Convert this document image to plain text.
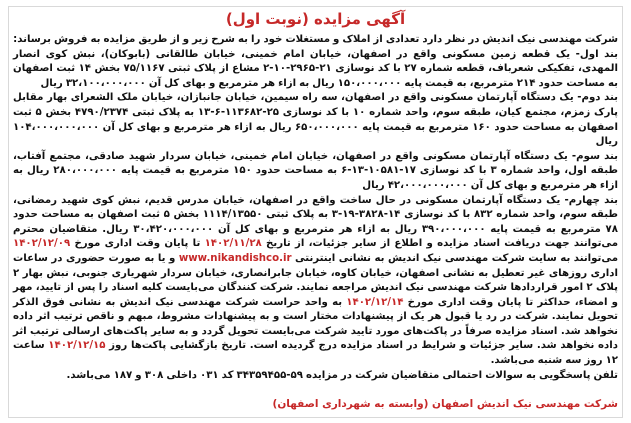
آگهی مزایده (نوبت اول)

شرکت مهندسی نیک اندیش در نظر دارد تعدادی از املاک و مستغلات خود را به شرح زیر و از طریق مزایده به فروش برساند:

بند اول- یک قطعه زمین مسکونی واقع در اصفهان، خیابان امام خمینی، خیابان طالقانی (بابوکان)، نبش کوی انصار المهدی، تفکیکی شعرباف، قطعه شماره ۲۷ با کد نوسازی ۲۱-۲۹۶۵-۱۰-۲ مشاع از پلاک ثبتی ۷۵/۱۱۶۷ بخش ۱۴ ثبت اصفهان به مساحت حدود ۲۱۴ مترمربع، به قیمت پایه ۱۵۰،۰۰۰،۰۰۰ ریال به ازاء هر مترمربع و بهای کل آن ۳۲،۱۰۰،۰۰۰،۰۰۰ ریال

بند دوم- یک دستگاه آپارتمان مسکونی واقع در اصفهان، سه راه سیمین، خیابان جانبازان، خیابان ملک الشعرای بهار مقابل پارک زمزم، مجتمع کیان، طبقه سوم، واحد شماره ۱۰ با کد نوسازی ۲۵-۱۱۳۶۸۲-۶-۱۳ به پلاک ثبتی ۴۷۹۰/۲۳۷۴ بخش ۵ ثبت اصفهان به مساحت حدود ۱۶۰ مترمربع به قیمت پایه ۶۵۰،۰۰۰،۰۰۰ ریال به ازاء هر مترمربع و بهای کل آن ۱۰۴،۰۰۰،۰۰۰،۰۰۰ ریال

بند سوم- یک دستگاه آپارتمان مسکونی واقع در اصفهان، خیابان امام خمینی، خیابان سردار شهید صادقی، مجتمع آفتاب، طبقه اول، واحد شماره ۳ با کد نوسازی ۱۷-۱۰۵۸۱-۱۳-۶ به مساحت حدود ۱۵۰ مترمربع به قیمت پایه ۲۸۰،۰۰۰،۰۰۰ ریال به ازاء هر مترمربع و بهای کل آن ۴۲،۰۰۰،۰۰۰،۰۰۰ ریال

بند چهارم- یک دستگاه آپارتمان مسکونی در حال ساخت واقع در اصفهان، خیابان مدرس قدیم، نبش کوی شهید رمضانی، طبقه سوم، واحد شماره ۸۳۲ با کد نوسازی ۱۴-۳۸۲۸-۱۹-۳ به پلاک ثبتی ۱۱۱۴/۱۳۵۵۰ بخش ۵ ثبت اصفهان به مساحت حدود ۷۸ مترمربع به قیمت پایه ۳۹۰،۰۰۰،۰۰۰ ریال به ازاء هر مترمربع و بهای کل آن ۳۰،۴۲۰،۰۰۰،۰۰۰ ریال. متقاضیان محترم می‌توانند جهت دریافت اسناد مزایده و اطلاع از سایر جزئیات، از تاریخ ۱۴۰۲/۱۱/۲۸ تا پایان وقت اداری مورخ ۱۴۰۲/۱۲/۰۹ می‌توانند به سایت شرکت مهندسی نیک اندیش به نشانی اینترنتی www.nikandishco.ir و یا به صورت حضوری در ساعات اداری روزهای غیر تعطیل به نشانی اصفهان، خیابان کاوه، خیابان جابرانصاری، خیابان سردار شهریاری جنوبی، نبش بهار ۲ پلاک ۲ امور قراردادها شرکت مهندسی نیک اندیش مراجعه نمایند. شرکت کنندگان می‌بایست کلیه اسناد را پس از تایید، مهر و امضاء، حداکثر تا پایان وقت اداری مورخ ۱۴۰۲/۱۲/۱۴ به واحد حراست شرکت مهندسی نیک اندیش به نشانی فوق الذکر تحویل نمایند. شرکت در رد یا قبول هر یک از پیشنهادات مختار است و به پیشنهادات مشروط، مبهم و ناقص ترتیب اثر داده نخواهد شد. اسناد مزایده صرفاً در پاکت‌های مورد تایید شرکت می‌بایست تحویل گردد و به سایر پاکت‌های ارسالی ترتیب اثر داده نخواهد شد. سایر جزئیات و شرایط در اسناد مزایده درج گردیده است. تاریخ بازگشایی پاکت‌ها روز ۱۴۰۲/۱۲/۱۵ ساعت ۱۲ روز سه شنبه می‌باشد.

تلفن پاسخگویی به سوالات احتمالی متقاضیان شرکت در مزایده ۵۹-۳۴۳۵۹۴۵۵ کد ۰۳۱ داخلی ۳۰۸ و ۱۸۷ می‌باشد.

شرکت مهندسی نیک اندیش اصفهان (وابسته به شهرداری اصفهان)
